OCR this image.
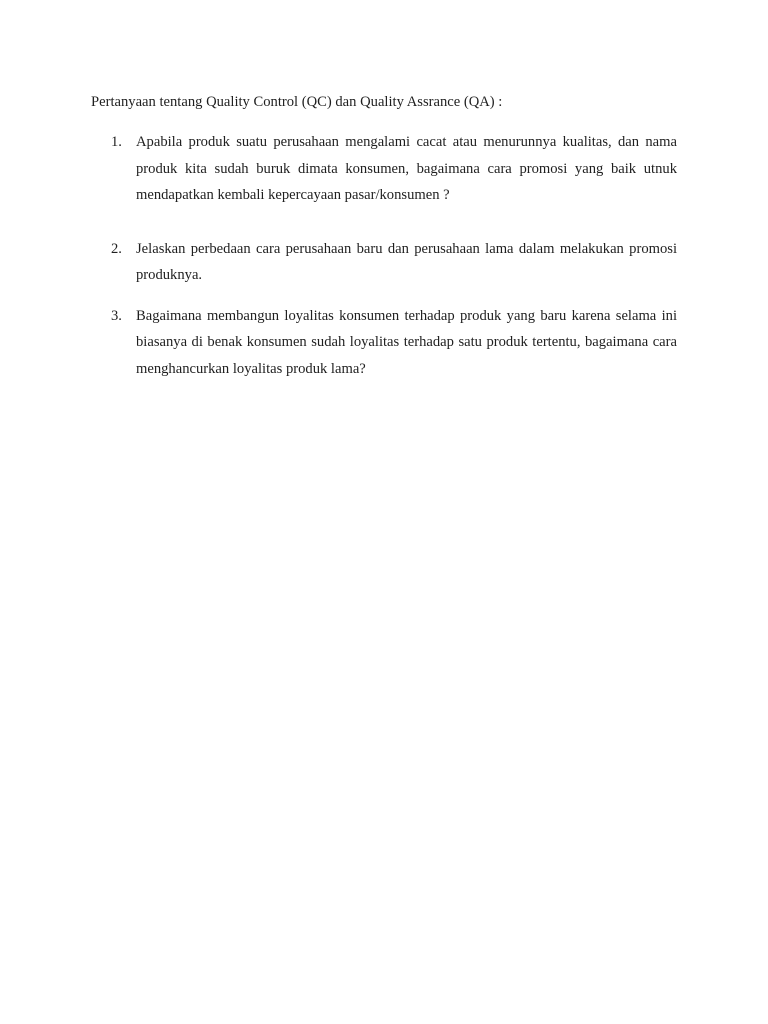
Pertanyaan tentang Quality Control (QC) dan Quality Assrance (QA) :
1. Apabila produk suatu perusahaan mengalami cacat atau menurunnya kualitas, dan nama produk kita sudah buruk dimata konsumen, bagaimana cara promosi yang baik utnuk mendapatkan kembali kepercayaan pasar/konsumen ?
2. Jelaskan perbedaan cara perusahaan baru dan perusahaan lama dalam melakukan promosi produknya.
3. Bagaimana membangun loyalitas konsumen terhadap produk yang baru karena selama ini biasanya di benak konsumen sudah loyalitas terhadap satu produk tertentu, bagaimana cara menghancurkan loyalitas produk lama?
